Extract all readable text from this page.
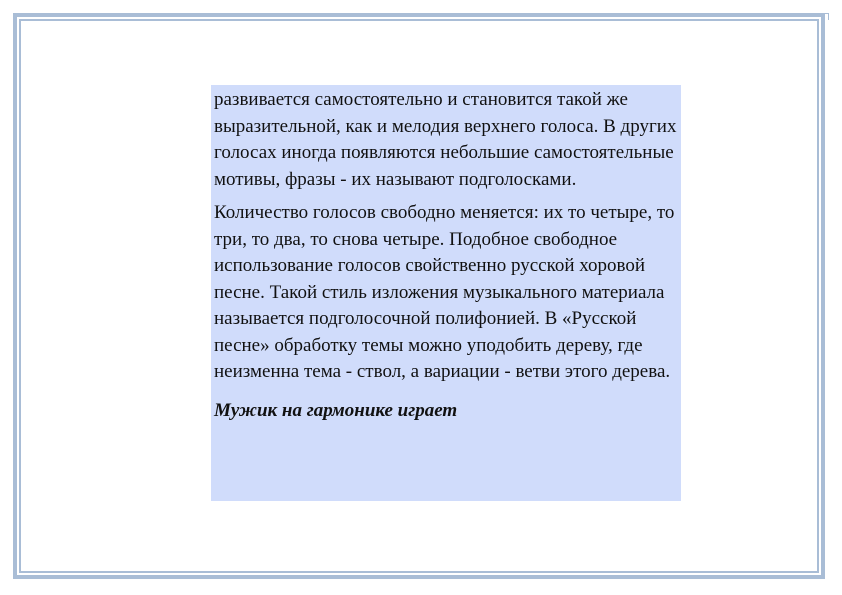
развивается самостоятельно и становится такой же выразительной, как и мелодия верхнего голоса. В других голосах иногда появляются небольшие самостоятельные мотивы, фразы - их называют подголосками.

Количество голосов свободно меняется: их то четыре, то три, то два, то снова четыре. Подобное свободное использование голосов свойственно русской хоровой песне. Такой стиль изложения музыкального материала называется подголосочной полифонией. В «Русской песне» обработку темы можно уподобить дереву, где неизменна тема - ствол, а вариации - ветви этого дерева.

Мужик на гармонике играет
